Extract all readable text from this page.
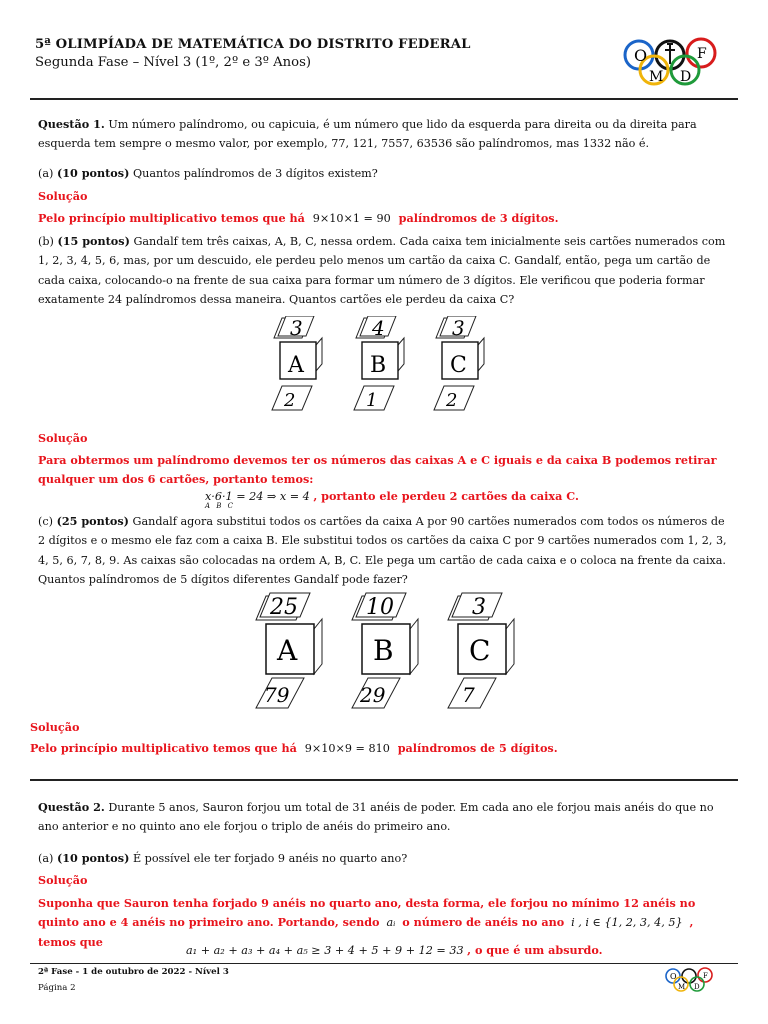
5ª OLIMPÍADA DE MATEMÁTICA DO DISTRITO FEDERAL
Segunda Fase – Nível 3 (1º, 2º e 3º Anos)	O
M D
F
Questão 1. Um número palíndromo, ou capicuia, é um número que lido da esquerda para direita ou da direita para esquerda tem sempre o mesmo valor, por exemplo, 77, 121, 7557, 63536 são palíndromos, mas 1332 não é.
(a) (10 pontos) Quantos palíndromos de 3 dígitos existem?
Solução
Pelo princípio multiplicativo temos que há 9×10×1 = 90 palíndromos de 3 dígitos.
(b) (15 pontos) Gandalf tem três caixas, A, B, C, nessa ordem. Cada caixa tem inicialmente seis cartões numerados com 1, 2, 3, 4, 5, 6, mas, por um descuido, ele perdeu pelo menos um cartão da caixa C. Gandalf, então, pega um cartão de cada caixa, colocando-o na frente de sua caixa para formar um número de 3 dígitos. Ele verificou que poderia formar exatamente 24 palíndromos dessa maneira. Quantos cartões ele perdeu da caixa C?
3
A
2
4
B
1
3
C
2
Solução
Para obtermos um palíndromo devemos ter os números das caixas A e C iguais e da caixa B podemos retirar qualquer um dos 6 cartões, portanto temos:
x·6·1 = 24 ⇒ x = 4 , portanto ele perdeu 2 cartões da caixa C.
A B C
(c) (25 pontos) Gandalf agora substitui todos os cartões da caixa A por 90 cartões numerados com todos os números de 2 dígitos e o mesmo ele faz com a caixa B. Ele substitui todos os cartões da caixa C por 9 cartões numerados com 1, 2, 3, 4, 5, 6, 7, 8, 9. As caixas são colocadas na ordem A, B, C. Ele pega um cartão de cada caixa e o coloca na frente da caixa. Quantos palíndromos de 5 dígitos diferentes Gandalf pode fazer?
25
A
79
10
B
29
3
C
7
Solução
Pelo princípio multiplicativo temos que há 9×10×9 = 810 palíndromos de 5 dígitos.
Questão 2. Durante 5 anos, Sauron forjou um total de 31 anéis de poder. Em cada ano ele forjou mais anéis do que no ano anterior e no quinto ano ele forjou o triplo de anéis do primeiro ano.
(a) (10 pontos) É possível ele ter forjado 9 anéis no quarto ano?
Solução
Suponha que Sauron tenha forjado 9 anéis no quarto ano, desta forma, ele forjou no mínimo 12 anéis no quinto ano e 4 anéis no primeiro ano. Portando, sendo aᵢ o número de anéis no ano i , i ∈ {1, 2, 3, 4, 5} , temos que
a₁ + a₂ + a₃ + a₄ + a₅ ≥ 3 + 4 + 5 + 9 + 12 = 33 , o que é um absurdo.
2ª Fase - 1 de outubro de 2022 - Nível 3
Página 2
O
M D
F
